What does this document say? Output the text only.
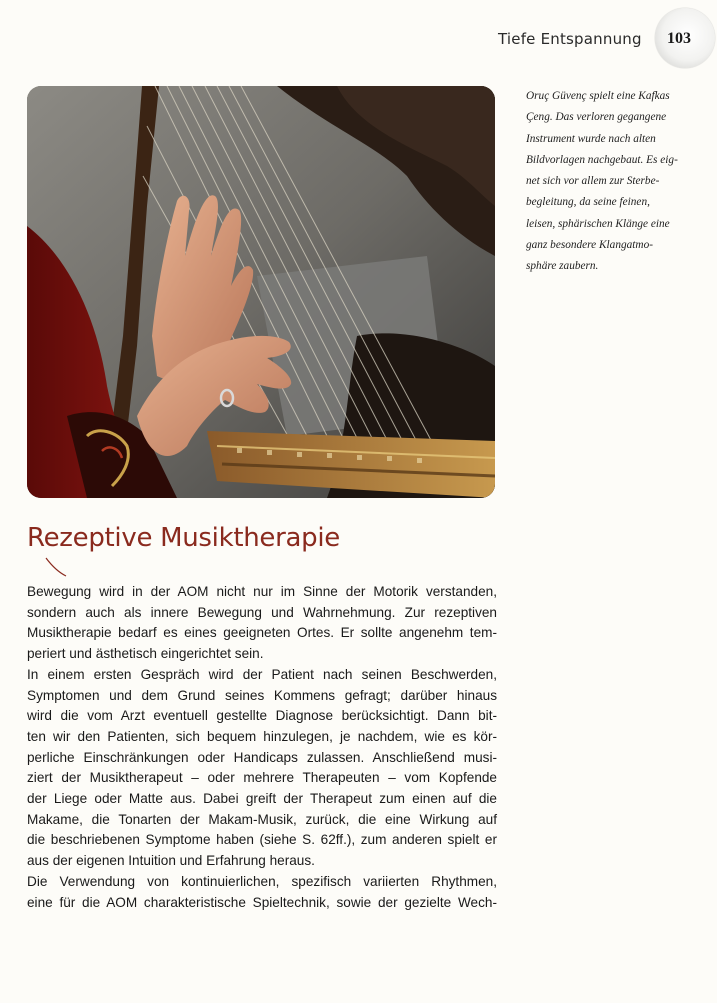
Tiefe Entspannung 103
Oruç Güvenç spielt eine Kafkas
Çeng. Das verloren gegangene
Instrument wurde nach alten
Bildvorlagen nachgebaut. Es eig-
net sich vor allem zur Sterbe-
begleitung, da seine feinen,
leisen, sphärischen Klänge eine
ganz besondere Klangatmo-
sphäre zaubern.
Rezeptive Musiktherapie
Bewegung wird in der AOM nicht nur im Sinne der Motorik verstanden,
sondern auch als innere Bewegung und Wahrnehmung. Zur rezeptiven
Musiktherapie bedarf es eines geeigneten Ortes. Er sollte angenehm tem-
periert und ästhetisch eingerichtet sein.
In einem ersten Gespräch wird der Patient nach seinen Beschwerden,
Symptomen und dem Grund seines Kommens gefragt; darüber hinaus
wird die vom Arzt eventuell gestellte Diagnose berücksichtigt. Dann bit-
ten wir den Patienten, sich bequem hinzulegen, je nachdem, wie es kör-
perliche Einschränkungen oder Handicaps zulassen. Anschließend musi-
ziert der Musiktherapeut – oder mehrere Therapeuten – vom Kopfende
der Liege oder Matte aus. Dabei greift der Therapeut zum einen auf die
Makame, die Tonarten der Makam-Musik, zurück, die eine Wirkung auf
die beschriebenen Symptome haben (siehe S. 62ff.), zum anderen spielt er
aus der eigenen Intuition und Erfahrung heraus.
Die Verwendung von kontinuierlichen, spezifisch variierten Rhythmen,
eine für die AOM charakteristische Spieltechnik, sowie der gezielte Wech-
